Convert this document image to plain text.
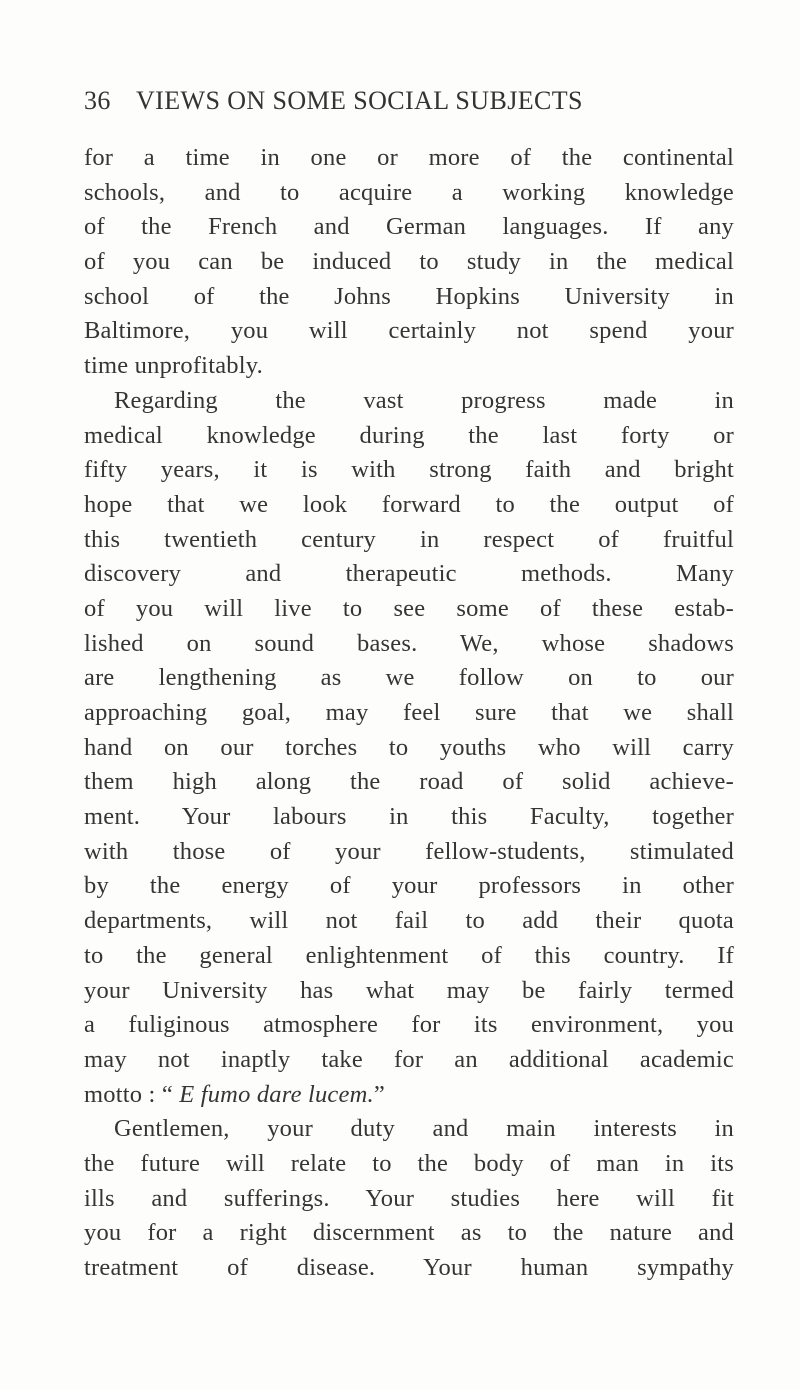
36 VIEWS ON SOME SOCIAL SUBJECTS
for a time in one or more of the continental
schools, and to acquire a working knowledge
of the French and German languages. If any
of you can be induced to study in the medical
school of the Johns Hopkins University in
Baltimore, you will certainly not spend your
time unprofitably.
Regarding the vast progress made in
medical knowledge during the last forty or
fifty years, it is with strong faith and bright
hope that we look forward to the output of
this twentieth century in respect of fruitful
discovery and therapeutic methods. Many
of you will live to see some of these estab-
lished on sound bases. We, whose shadows
are lengthening as we follow on to our
approaching goal, may feel sure that we shall
hand on our torches to youths who will carry
them high along the road of solid achieve-
ment. Your labours in this Faculty, together
with those of your fellow-students, stimulated
by the energy of your professors in other
departments, will not fail to add their quota
to the general enlightenment of this country. If
your University has what may be fairly termed
a fuliginous atmosphere for its environment, you
may not inaptly take for an additional academic
motto : “ E fumo dare lucem.”
Gentlemen, your duty and main interests in
the future will relate to the body of man in its
ills and sufferings. Your studies here will fit
you for a right discernment as to the nature and
treatment of disease. Your human sympathy
